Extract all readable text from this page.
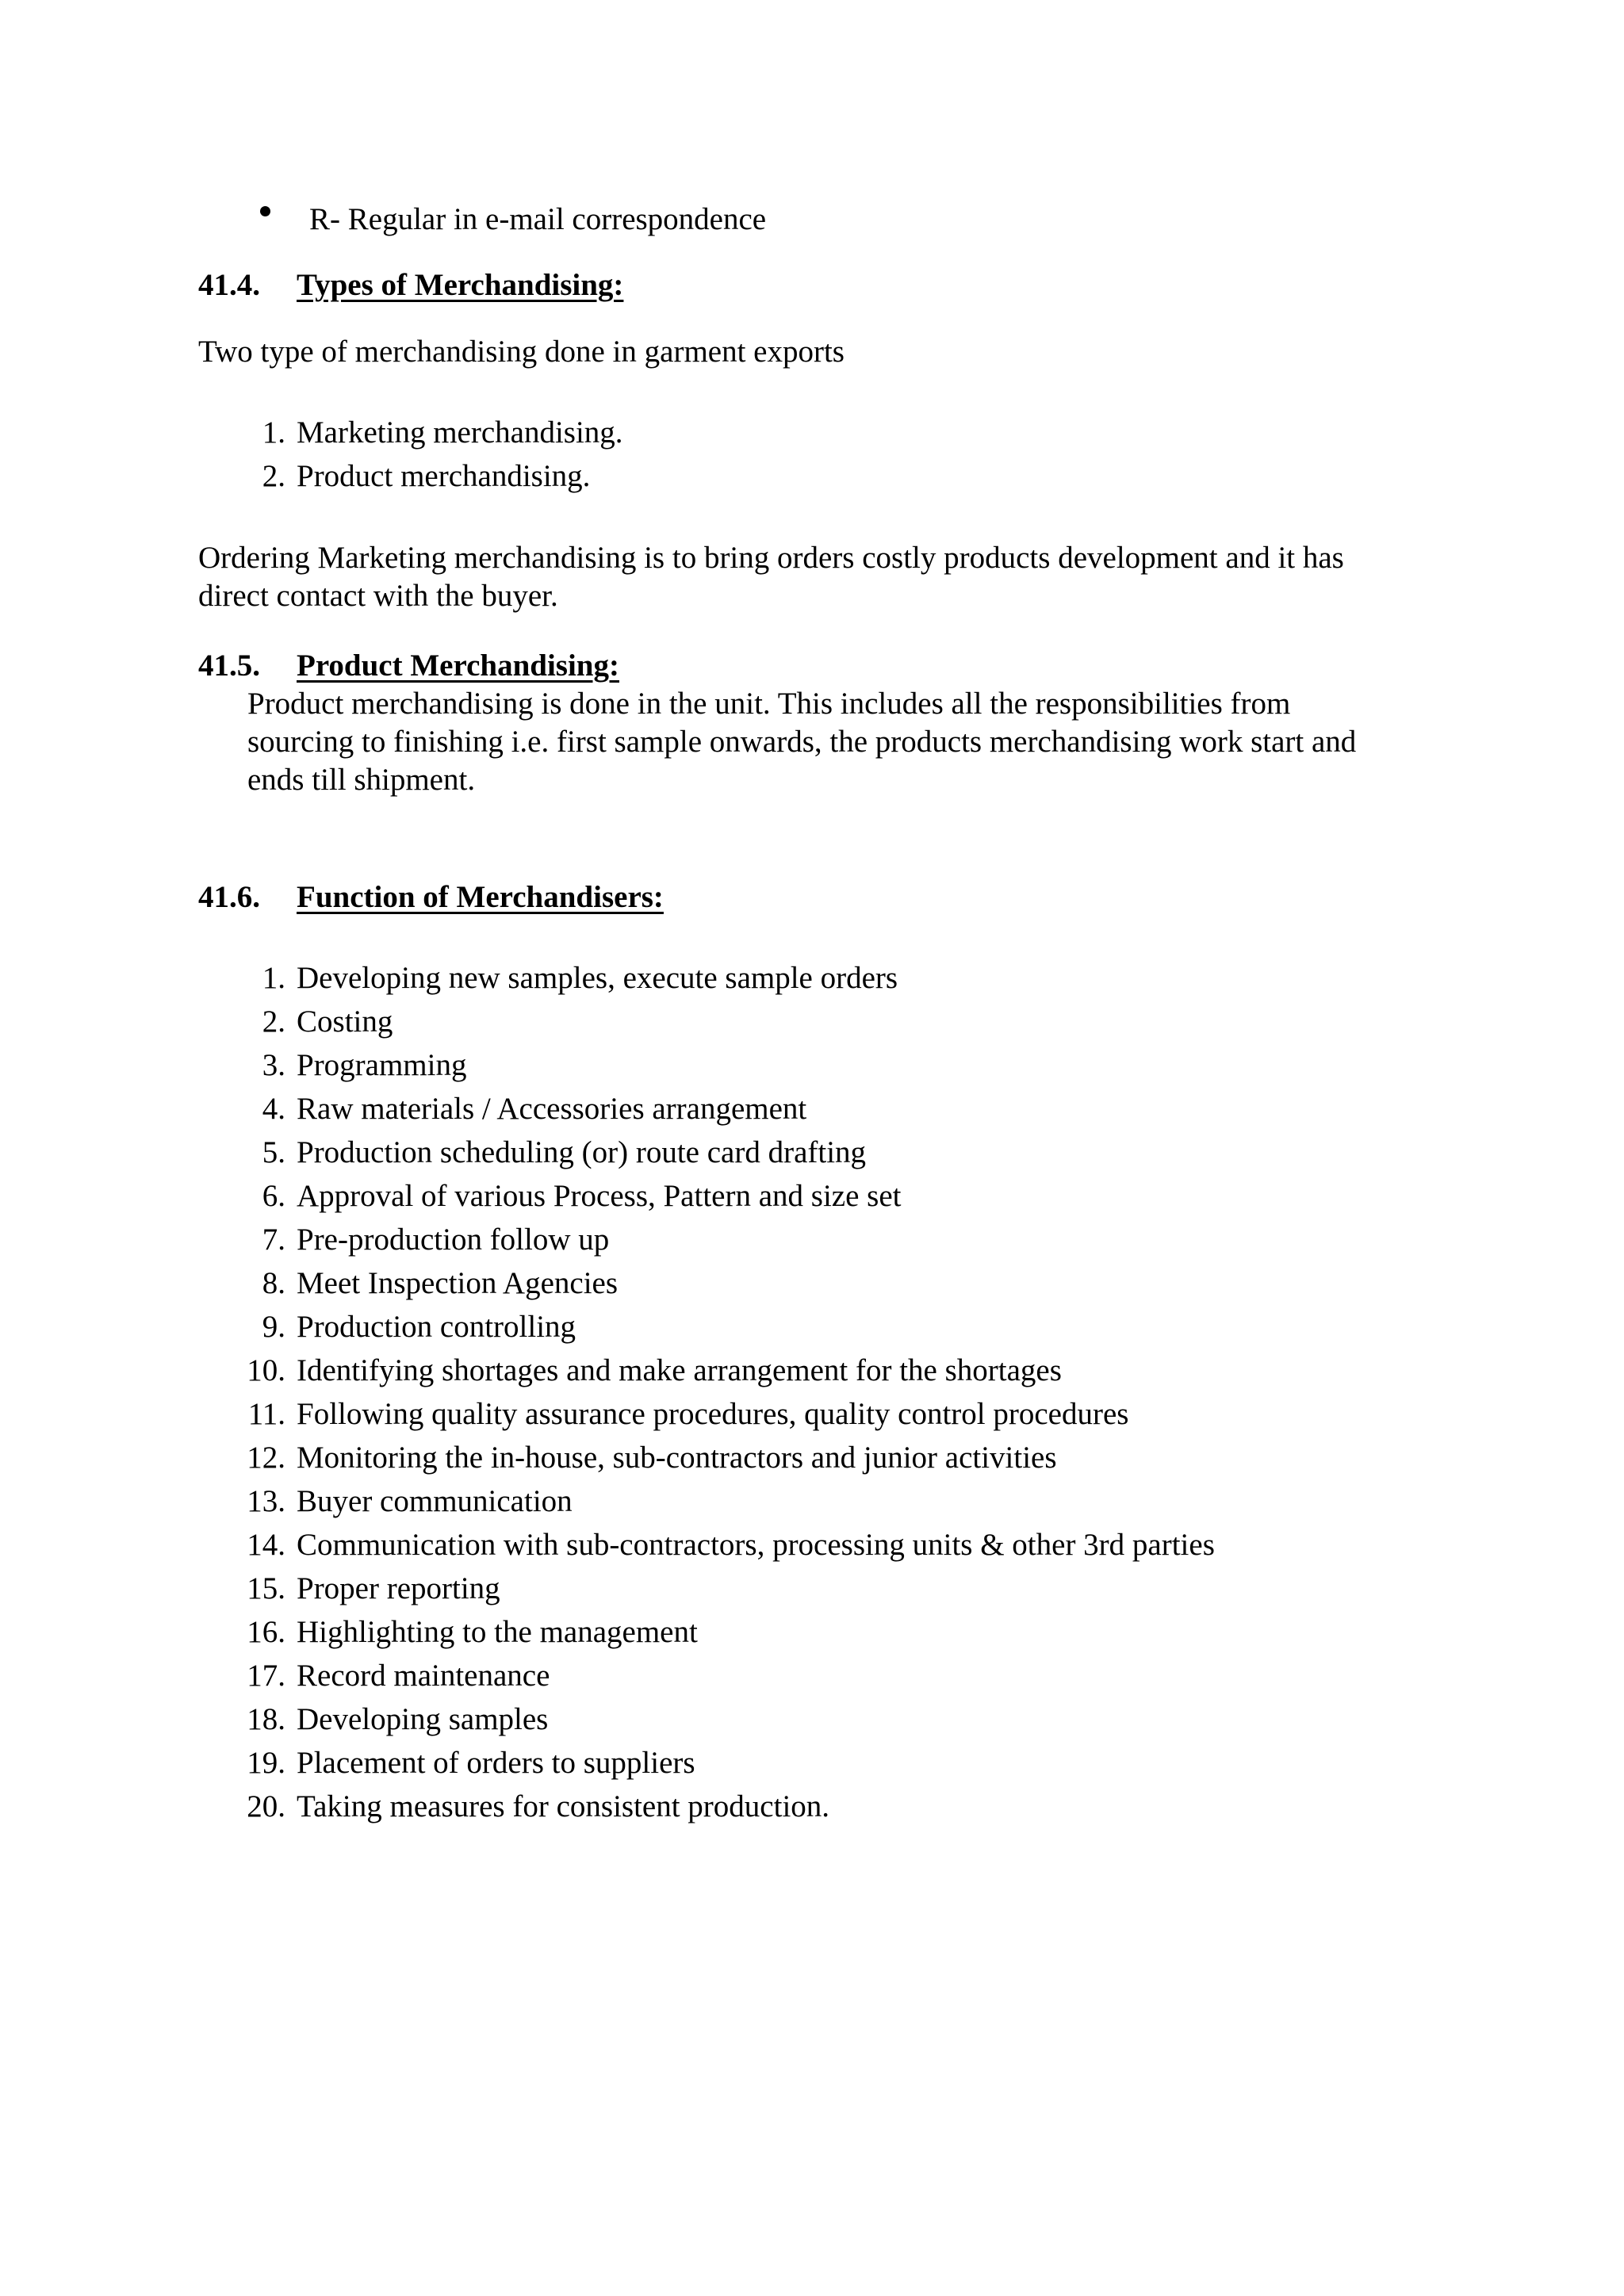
R- Regular in e-mail correspondence
41.4. Types of Merchandising:
Two type of merchandising done in garment exports
1. Marketing merchandising.
2. Product merchandising.
Ordering Marketing merchandising is to bring orders costly products development and it has
direct contact with the buyer.
41.5. Product Merchandising:
Product merchandising is done in the unit. This includes all the responsibilities from
sourcing to finishing i.e. first sample onwards, the products merchandising work start and
ends till shipment.
41.6. Function of Merchandisers:
1. Developing new samples, execute sample orders
2. Costing
3. Programming
4. Raw materials / Accessories arrangement
5. Production scheduling (or) route card drafting
6. Approval of various Process, Pattern and size set
7. Pre-production follow up
8. Meet Inspection Agencies
9. Production controlling
10. Identifying shortages and make arrangement for the shortages
11. Following quality assurance procedures, quality control procedures
12. Monitoring the in-house, sub-contractors and junior activities
13. Buyer communication
14. Communication with sub-contractors, processing units & other 3rd parties
15. Proper reporting
16. Highlighting to the management
17. Record maintenance
18. Developing samples
19. Placement of orders to suppliers
20. Taking measures for consistent production.
